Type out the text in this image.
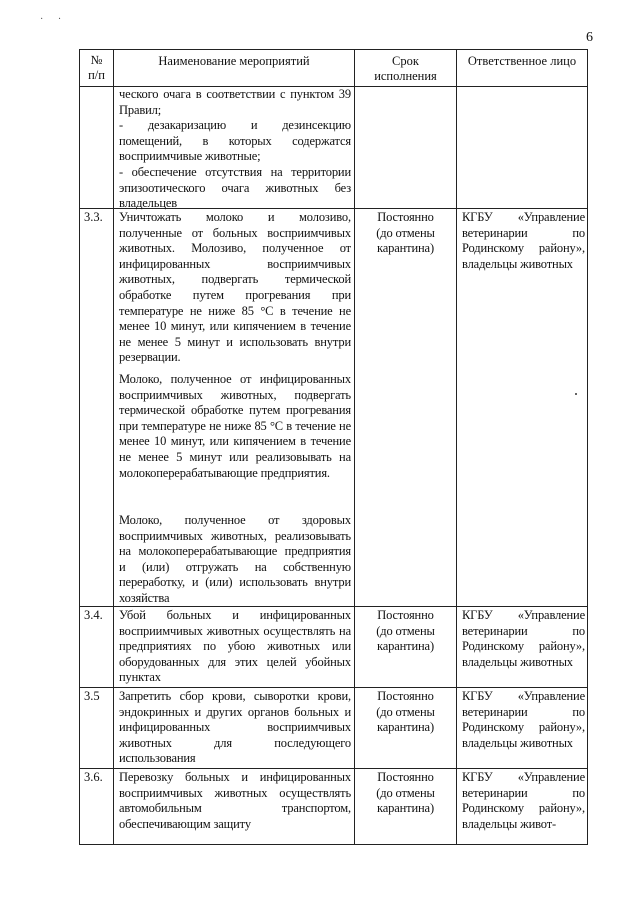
· ·
6
№
п/п
Наименование мероприятий	Срок
исполнения
Ответственное лицо
ческого очага в соответствии с пунктом 39 Правил;
- дезакаризацию и дезинсекцию помещений, в которых содержатся восприимчивые животные;
- обеспечение отсутствия на территории эпизоотического очага животных без владельцев
3.3. Уничтожать молоко и молозиво, полученные от больных восприимчивых животных. Молозиво, полученное от инфицированных восприимчивых животных, подвергать термической обработке путем прогревания при температуре не ниже 85 °С в течение не менее 10 минут, или кипячением в течение не менее 5 минут и использовать внутри резервации.
Молоко, полученное от инфицированных восприимчивых животных, подвергать термической обработке путем прогревания при температуре не ниже 85 °С в течение не менее 10 минут, или кипячением в течение не менее 5 минут или реализовывать на молокоперерабатывающие предприятия.
Молоко, полученное от здоровых восприимчивых животных, реализовывать на молокоперерабатывающие предприятия и (или) отгружать на собственную переработку, и (или) использовать внутри хозяйства
Постоянно
(до отмены
карантина)
КГБУ «Управление ветеринарии по Родинскому району», владельцы животных
3.4. Убой больных и инфицированных восприимчивых животных осуществлять на предприятиях по убою животных или оборудованных для этих целей убойных пунктах
Постоянно
(до отмены
карантина)
КГБУ «Управление ветеринарии по Родинскому району», владельцы животных
3.5 Запретить сбор крови, сыворотки крови, эндокринных и других органов больных и инфицированных восприимчивых животных для последующего использования
Постоянно
(до отмены
карантина)
КГБУ «Управление ветеринарии по Родинскому району», владельцы животных
3.6. Перевозку больных и инфицированных восприимчивых животных осуществлять автомобильным транспортом, обеспечивающим защиту
Постоянно
(до отмены
карантина)
КГБУ «Управление ветеринарии по Родинскому району», владельцы живот-
